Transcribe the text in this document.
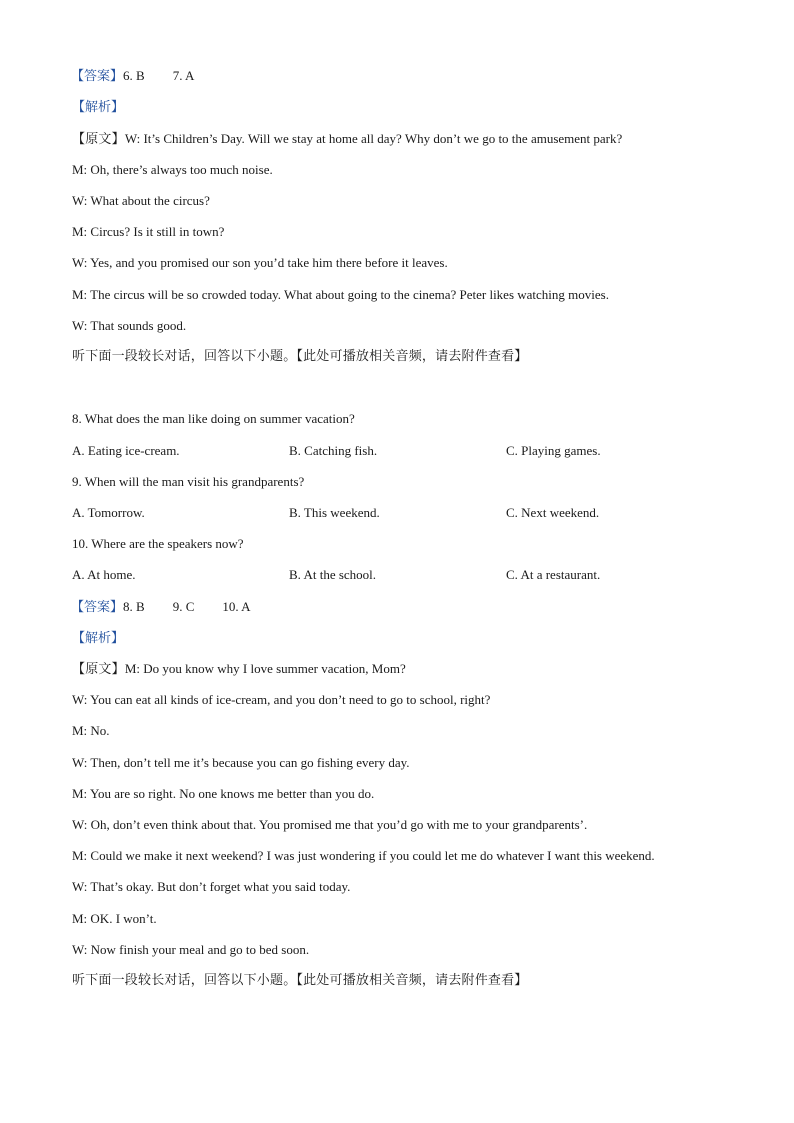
【答案】6. B 7. A
【解析】
【原文】W: It’s Children’s Day. Will we stay at home all day? Why don’t we go to the amusement park?
M: Oh, there’s always too much noise.
W: What about the circus?
M: Circus? Is it still in town?
W: Yes, and you promised our son you’d take him there before it leaves.
M: The circus will be so crowded today. What about going to the cinema? Peter likes watching movies.
W: That sounds good.
听下面一段较长对话，回答以下小题。【此处可播放相关音频，请去附件查看】
8. What does the man like doing on summer vacation?
A. Eating ice-cream.	B. Catching fish.	C. Playing games.
9. When will the man visit his grandparents?
A. Tomorrow.	B. This weekend.	C. Next weekend.
10. Where are the speakers now?
A. At home.	B. At the school.	C. At a restaurant.
【答案】8. B 9. C 10. A
【解析】
【原文】M: Do you know why I love summer vacation, Mom?
W: You can eat all kinds of ice-cream, and you don’t need to go to school, right?
M: No.
W: Then, don’t tell me it’s because you can go fishing every day.
M: You are so right. No one knows me better than you do.
W: Oh, don’t even think about that. You promised me that you’d go with me to your grandparents’.
M: Could we make it next weekend? I was just wondering if you could let me do whatever I want this weekend.
W: That’s okay. But don’t forget what you said today.
M: OK. I won’t.
W: Now finish your meal and go to bed soon.
听下面一段较长对话，回答以下小题。【此处可播放相关音频，请去附件查看】
